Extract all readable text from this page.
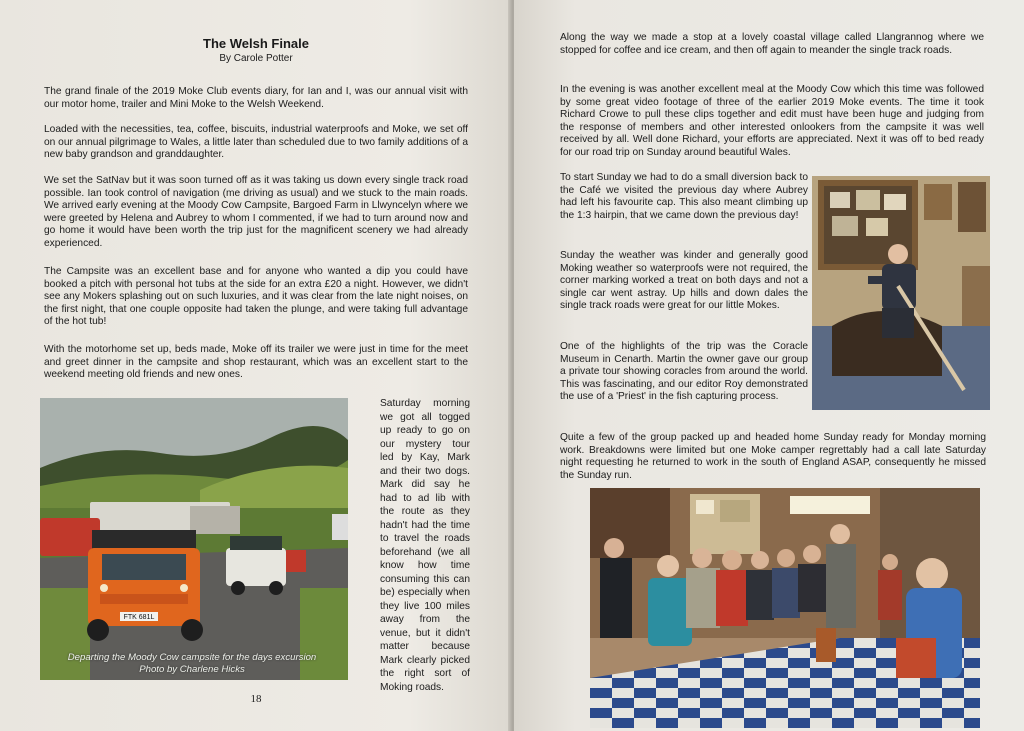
The Welsh Finale
By Carole Potter

The grand finale of the 2019 Moke Club events diary, for Ian and I, was our annual visit with our motor home, trailer and Mini Moke to the Welsh Weekend.

Loaded with the necessities, tea, coffee, biscuits, industrial waterproofs and Moke, we set off on our annual pilgrimage to Wales, a little later than scheduled due to two family additions of a new baby grandson and granddaughter.

We set the SatNav but it was soon turned off as it was taking us down every single track road possible. Ian took control of navigation (me driving as usual) and we stuck to the main roads. We arrived early evening at the Moody Cow Campsite, Bargoed Farm in Llwyncelyn where we were greeted by Helena and Aubrey to whom I commented, if we had to turn around now and go home it would have been worth the trip just for the magnificent scenery we had already experienced.

The Campsite was an excellent base and for anyone who wanted a dip you could have booked a pitch with personal hot tubs at the side for an extra £20 a night. However, we didn't see any Mokers splashing out on such luxuries, and it was clear from the late night noises, on the first night, that one couple opposite had taken the plunge, and were taking full advantage of the hot tub!

With the motorhome set up, beds made, Moke off its trailer we were just in time for the meet and greet dinner in the campsite and shop restaurant, which was an excellent start to the weekend meeting old friends and new ones.

FTK 681L
Departing the Moody Cow campsite for the days excursion
Photo by Charlene Hicks

Saturday morning we got all togged up ready to go on our mystery tour led by Kay, Mark and their two dogs. Mark did say he had to ad lib with the route as they hadn't had the time to travel the roads beforehand (we all know how time consuming this can be) especially when they live 100 miles away from the venue, but it didn't matter because Mark clearly picked the right sort of Moking roads.

18

Along the way we made a stop at a lovely coastal village called Llangrannog where we stopped for coffee and ice cream, and then off again to meander the single track roads.

In the evening is was another excellent meal at the Moody Cow which this time was followed by some great video footage of three of the earlier 2019 Moke events. The time it took Richard Crowe to pull these clips together and edit must have been huge and judging from the response of members and other interested onlookers from the campsite it was well received by all. Well done Richard, your efforts are appreciated. Next it was off to bed ready for our road trip on Sunday around beautiful Wales.

To start Sunday we had to do a small diversion back to the Café we visited the previous day where Aubrey had left his favourite cap. This also meant climbing up the 1:3 hairpin, that we came down the previous day!

Sunday the weather was kinder and generally good Moking weather so waterproofs were not required, the corner marking worked a treat on both days and not a single car went astray. Up hills and down dales the single track roads were great for our little Mokes.

One of the highlights of the trip was the Coracle Museum in Cenarth. Martin the owner gave our group a private tour showing coracles from around the world. This was fascinating, and our editor Roy demonstrated the use of a 'Priest' in the fish capturing process.

Quite a few of the group packed up and headed home Sunday ready for Monday morning work. Breakdowns were limited but one Moke camper regrettably had a call late Saturday night requesting he returned to work in the south of England ASAP, consequently he missed the Sunday run.
